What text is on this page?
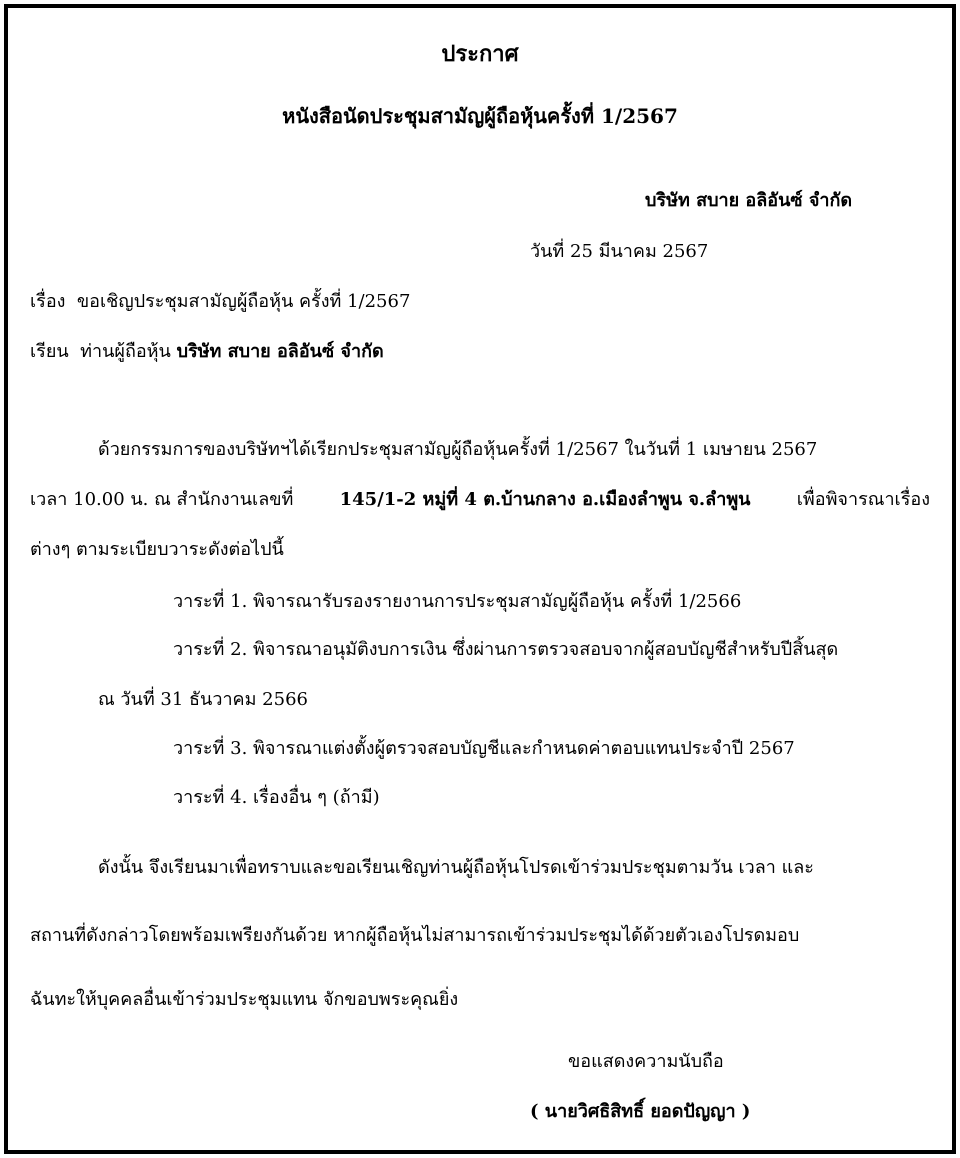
ประกาศ
หนังสือนัดประชุมสามัญผู้ถือหุ้นครั้งที่ 1/2567
บริษัท สบาย อลิอันซ์ จำกัด
วันที่ 25 มีนาคม 2567
เรื่อง ขอเชิญประชุมสามัญผู้ถือหุ้น ครั้งที่ 1/2567
เรียน ท่านผู้ถือหุ้น บริษัท สบาย อลิอันซ์ จำกัด
ด้วยกรรมการของบริษัทฯได้เรียกประชุมสามัญผู้ถือหุ้นครั้งที่ 1/2567 ในวันที่ 1 เมษายน 2567
เวลา 10.00 น. ณ สำนักงานเลขที่	145/1-2 หมู่ที่ 4 ต.บ้านกลาง อ.เมืองลำพูน จ.ลำพูน	เพื่อพิจารณาเรื่อง
ต่างๆ ตามระเบียบวาระดังต่อไปนี้
วาระที่ 1. พิจารณารับรองรายงานการประชุมสามัญผู้ถือหุ้น ครั้งที่ 1/2566
วาระที่ 2. พิจารณาอนุมัติงบการเงิน ซึ่งผ่านการตรวจสอบจากผู้สอบบัญชีสำหรับปีสิ้นสุด
ณ วันที่ 31 ธันวาคม 2566
วาระที่ 3. พิจารณาแต่งตั้งผู้ตรวจสอบบัญชีและกำหนดค่าตอบแทนประจำปี 2567
วาระที่ 4. เรื่องอื่น ๆ (ถ้ามี)
ดังนั้น จึงเรียนมาเพื่อทราบและขอเรียนเชิญท่านผู้ถือหุ้นโปรดเข้าร่วมประชุมตามวัน เวลา และ
สถานที่ดังกล่าวโดยพร้อมเพรียงกันด้วย หากผู้ถือหุ้นไม่สามารถเข้าร่วมประชุมได้ด้วยตัวเองโปรดมอบ
ฉันทะให้บุคคลอื่นเข้าร่วมประชุมแทน จักขอบพระคุณยิ่ง
ขอแสดงความนับถือ
( นายวิศธิสิทธิ์ ยอดปัญญา )
